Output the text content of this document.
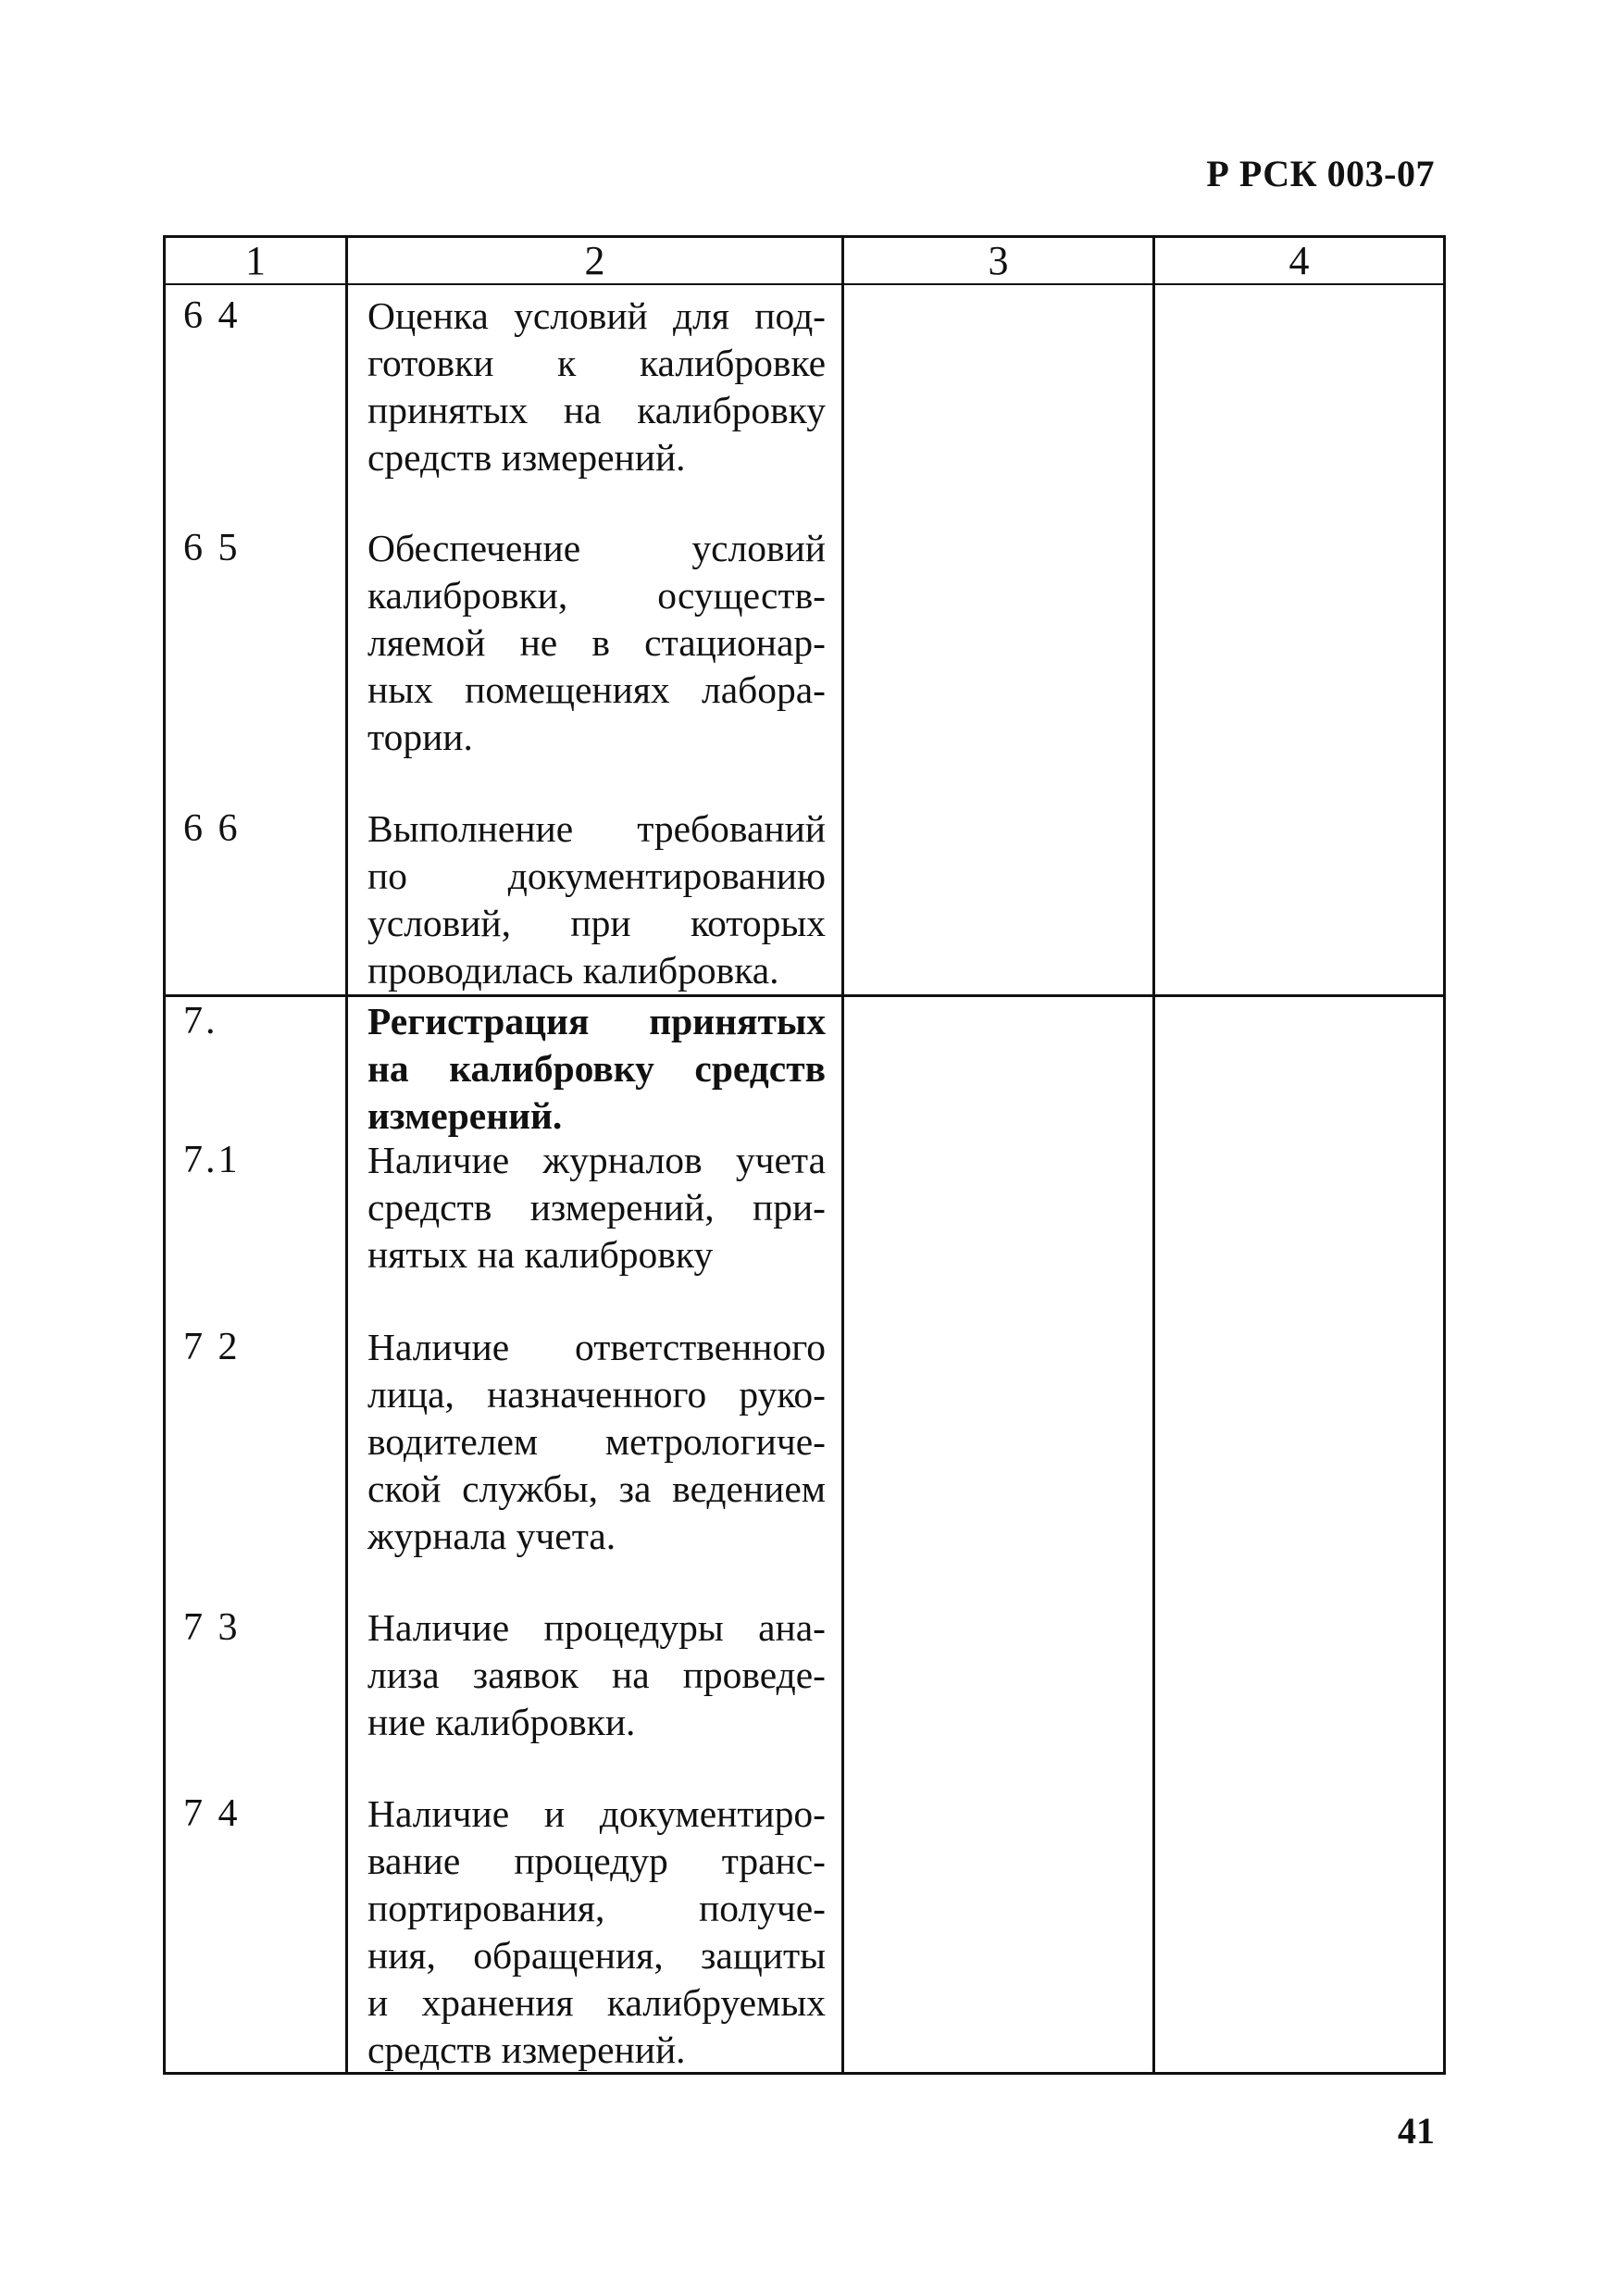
Р РСК 003-07
1	2	3	4
6 4	Оценка условий для под-
готовки к калибровке
принятых на калибровку
средств измерений.
6 5	Обеспечение условий
калибровки, осуществ-
ляемой не в стационар-
ных помещениях лабора-
тории.
6 6	Выполнение требований
по документированию
условий, при которых
проводилась калибровка.
7.	Регистрация принятых
на калибровку средств
измерений.
7.1	Наличие журналов учета
средств измерений, при-
нятых на калибровку
7 2	Наличие ответственного
лица, назначенного руко-
водителем метрологиче-
ской службы, за ведением
журнала учета.
7 3	Наличие процедуры ана-
лиза заявок на проведе-
ние калибровки.
7 4	Наличие и документиро-
вание процедур транс-
портирования, получе-
ния, обращения, защиты
и хранения калибруемых
средств измерений.
41
